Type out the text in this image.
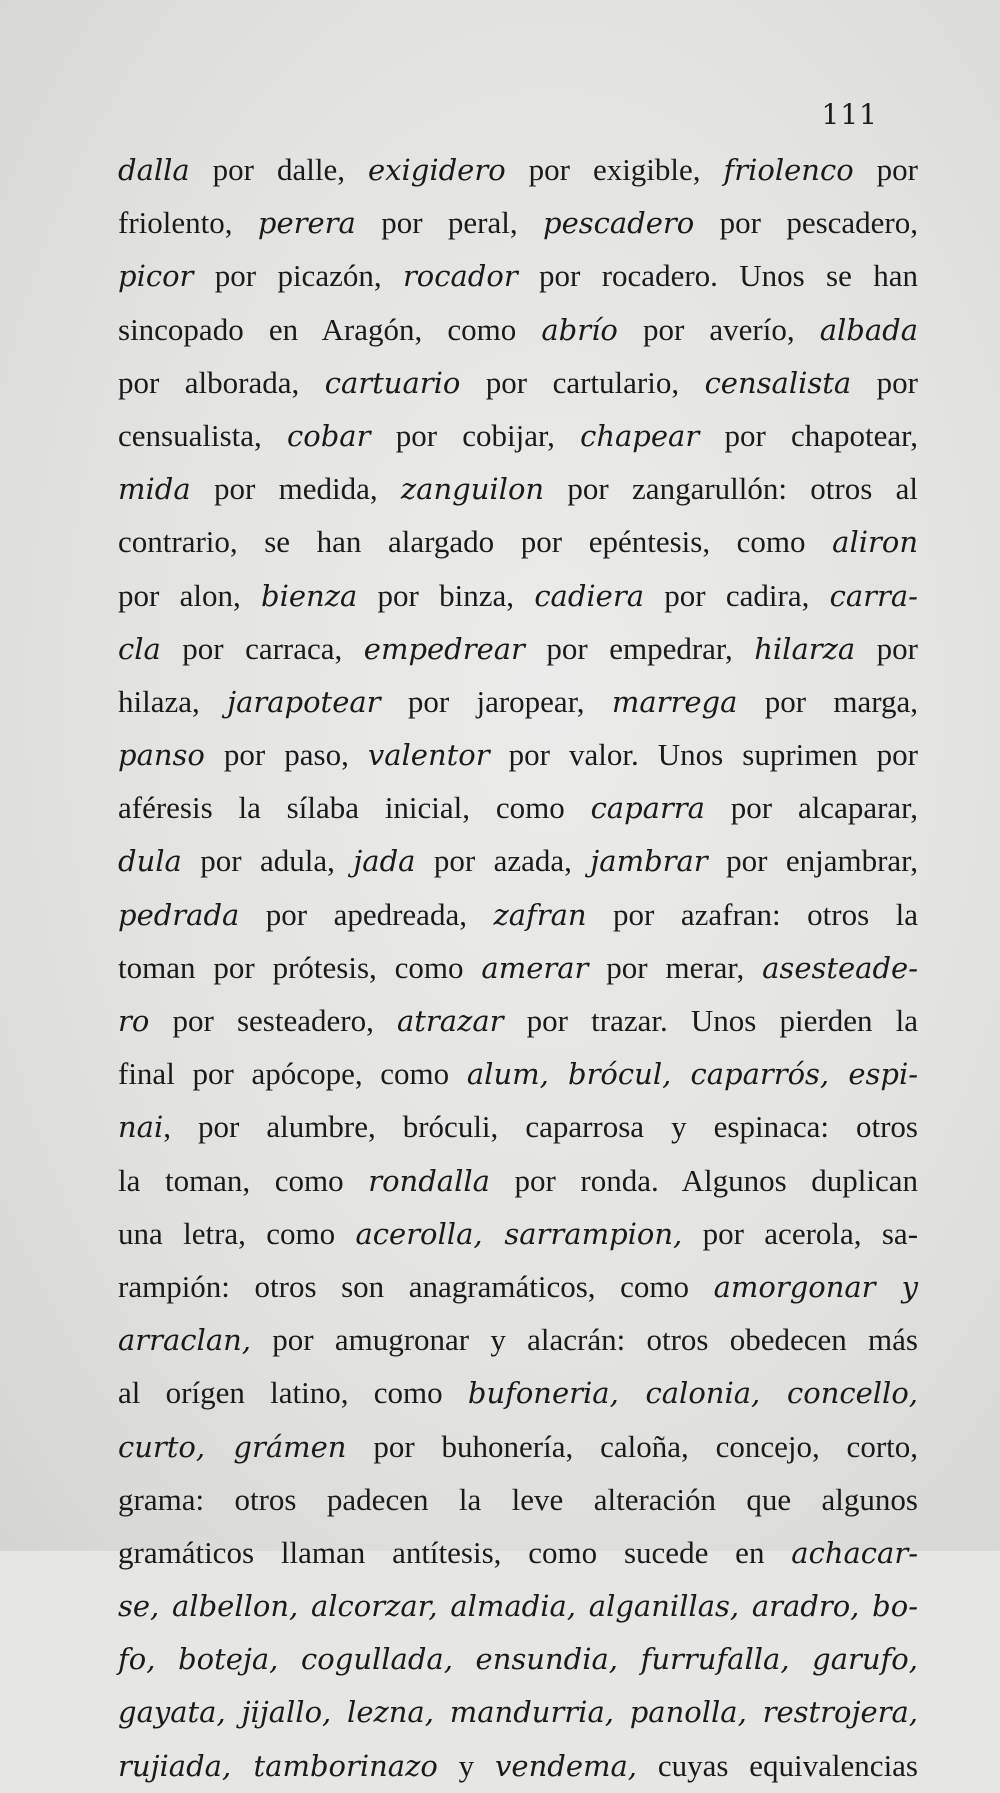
111
dalla por dalle, exigidero por exigible, friolenco por
friolento, perera por peral, pescadero por pescadero,
picor por picazón, rocador por rocadero. Unos se han
sincopado en Aragón, como abrío por averío, albada
por alborada, cartuario por cartulario, censalista por
censualista, cobar por cobijar, chapear por chapotear,
mida por medida, zanguilon por zangarullón: otros al
contrario, se han alargado por epéntesis, como aliron
por alon, bienza por binza, cadiera por cadira, carra-
cla por carraca, empedrear por empedrar, hilarza por
hilaza, jarapotear por jaropear, marrega por marga,
panso por paso, valentor por valor. Unos suprimen por
aféresis la sílaba inicial, como caparra por alcaparar,
dula por adula, jada por azada, jambrar por enjambrar,
pedrada por apedreada, zafran por azafran: otros la
toman por prótesis, como amerar por merar, asesteade-
ro por sesteadero, atrazar por trazar. Unos pierden la
final por apócope, como alum, brócul, caparrós, espi-
nai, por alumbre, bróculi, caparrosa y espinaca: otros
la toman, como rondalla por ronda. Algunos duplican
una letra, como acerolla, sarrampion, por acerola, sa-
rampión: otros son anagramáticos, como amorgonar y
arraclan, por amugronar y alacrán: otros obedecen más
al orígen latino, como bufoneria, calonia, concello,
curto, grámen por buhonería, caloña, concejo, corto,
grama: otros padecen la leve alteración que algunos
gramáticos llaman antítesis, como sucede en achacar-
se, albellon, alcorzar, almadia, alganillas, aradro, bo-
fo, boteja, cogullada, ensundia, furrufalla, garufo,
gayata, jijallo, lezna, mandurria, panolla, restrojera,
rujiada, tamborinazo y vendema, cuyas equivalencias
